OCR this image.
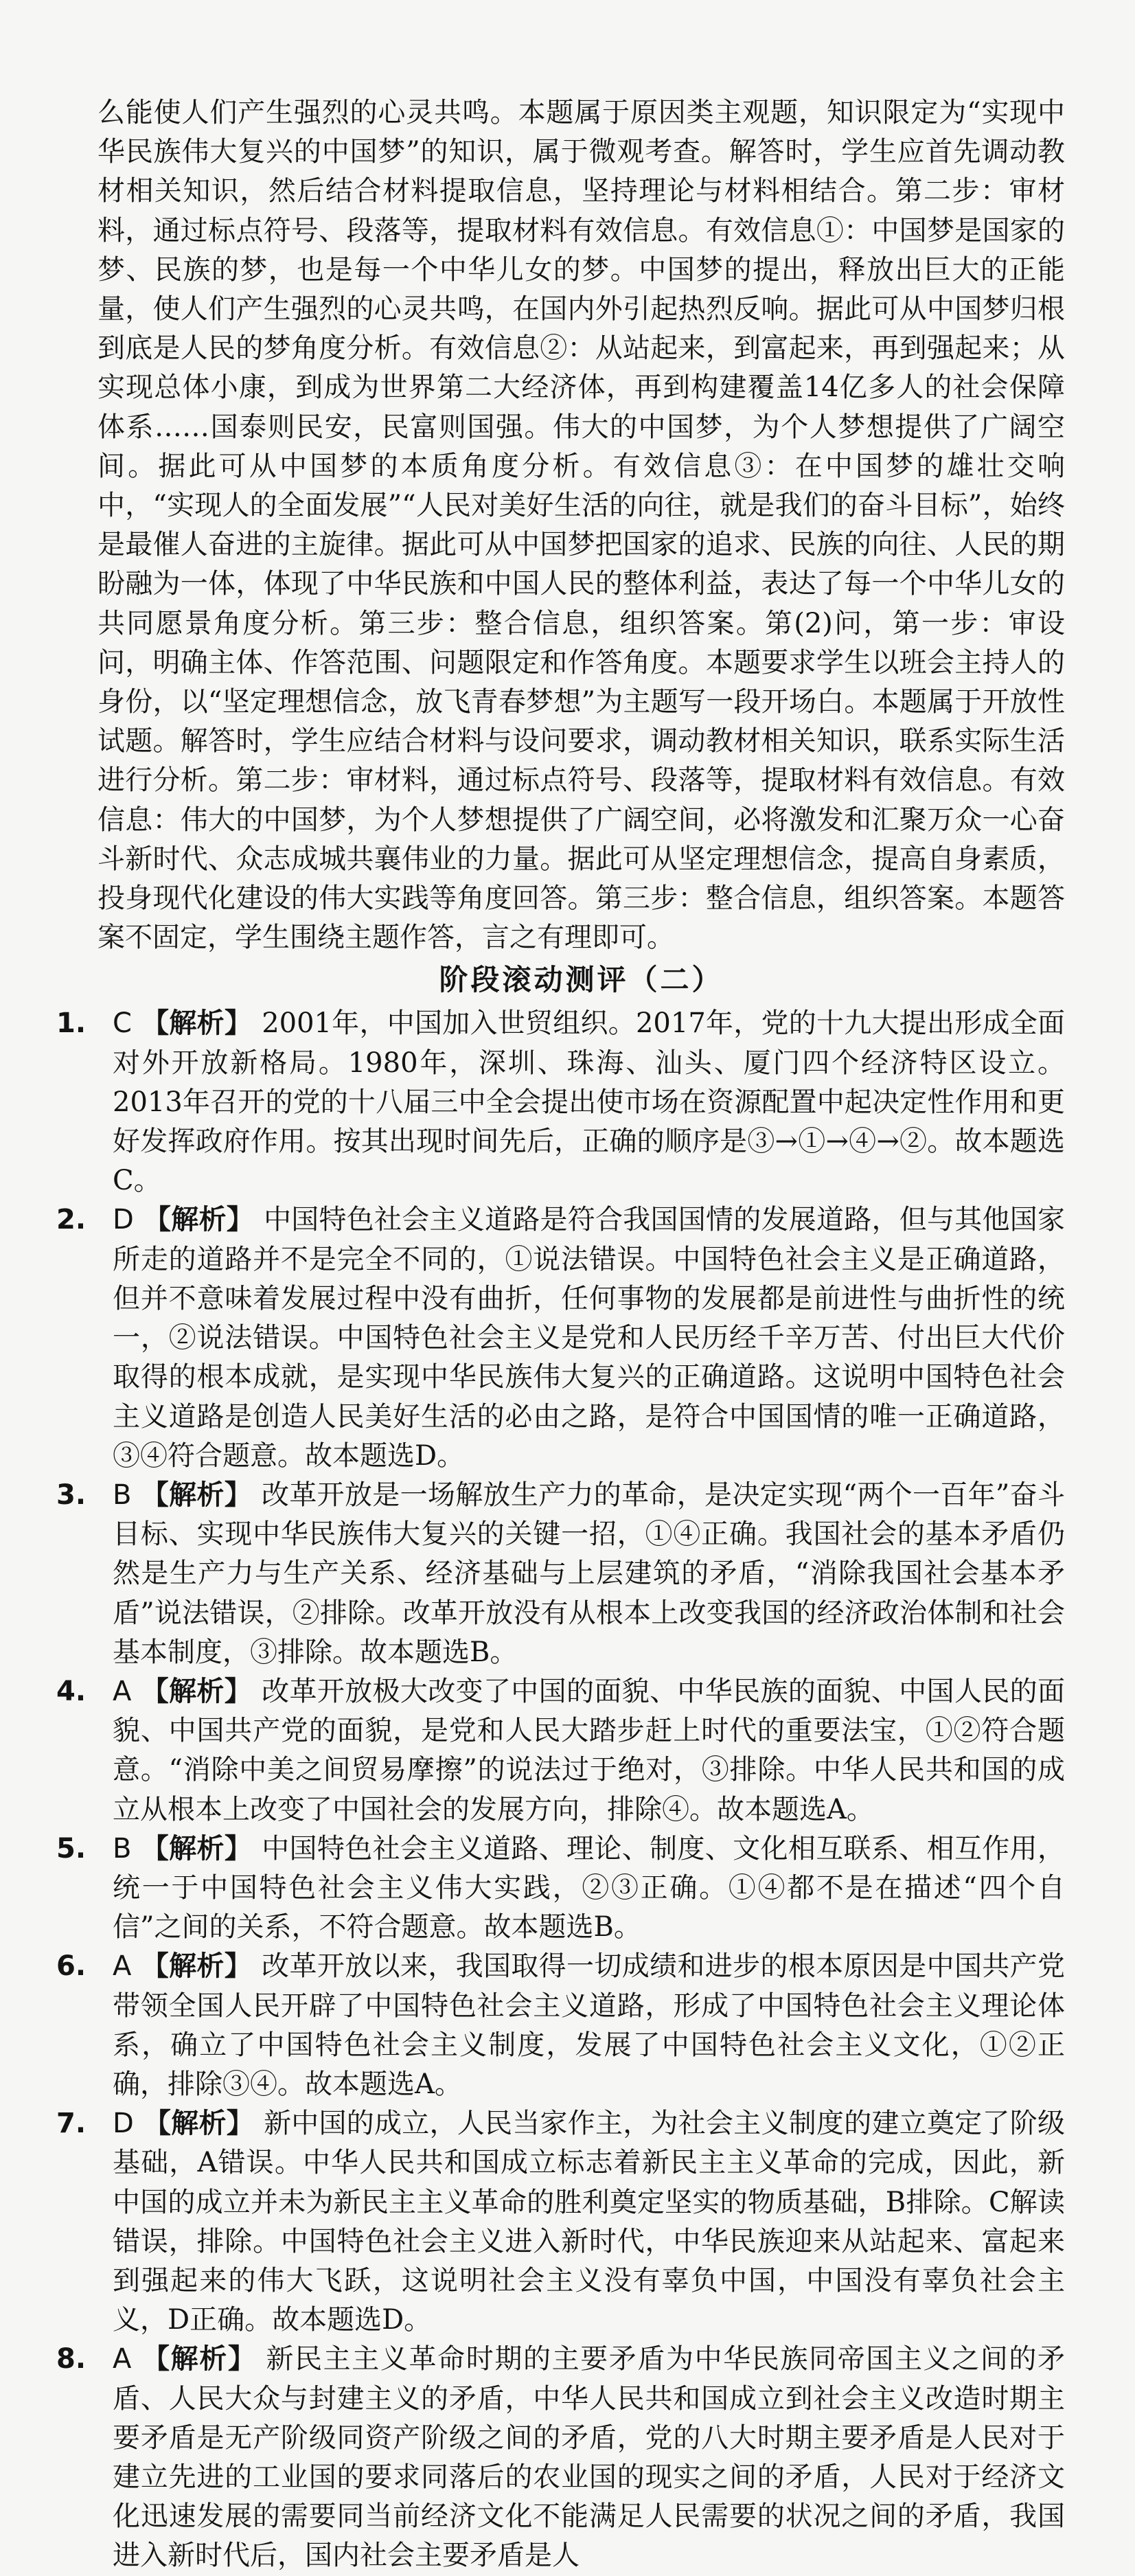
么能使人们产生强烈的心灵共鸣。本题属于原因类主观题，知识限定为“实现中华民族伟大复兴的中国梦”的知识，属于微观考查。解答时，学生应首先调动教材相关知识，然后结合材料提取信息，坚持理论与材料相结合。第二步：审材料，通过标点符号、段落等，提取材料有效信息。有效信息①：中国梦是国家的梦、民族的梦，也是每一个中华儿女的梦。中国梦的提出，释放出巨大的正能量，使人们产生强烈的心灵共鸣，在国内外引起热烈反响。据此可从中国梦归根到底是人民的梦角度分析。有效信息②：从站起来，到富起来，再到强起来；从实现总体小康，到成为世界第二大经济体，再到构建覆盖14亿多人的社会保障体系……国泰则民安，民富则国强。伟大的中国梦，为个人梦想提供了广阔空间。据此可从中国梦的本质角度分析。有效信息③：在中国梦的雄壮交响中，“实现人的全面发展”“人民对美好生活的向往，就是我们的奋斗目标”，始终是最催人奋进的主旋律。据此可从中国梦把国家的追求、民族的向往、人民的期盼融为一体，体现了中华民族和中国人民的整体利益，表达了每一个中华儿女的共同愿景角度分析。第三步：整合信息，组织答案。第(2)问，第一步：审设问，明确主体、作答范围、问题限定和作答角度。本题要求学生以班会主持人的身份，以“坚定理想信念，放飞青春梦想”为主题写一段开场白。本题属于开放性试题。解答时，学生应结合材料与设问要求，调动教材相关知识，联系实际生活进行分析。第二步：审材料，通过标点符号、段落等，提取材料有效信息。有效信息：伟大的中国梦，为个人梦想提供了广阔空间，必将激发和汇聚万众一心奋斗新时代、众志成城共襄伟业的力量。据此可从坚定理想信念，提高自身素质，投身现代化建设的伟大实践等角度回答。第三步：整合信息，组织答案。本题答案不固定，学生围绕主题作答，言之有理即可。

阶段滚动测评（二）

1. C 【解析】 2001年，中国加入世贸组织。2017年，党的十九大提出形成全面对外开放新格局。1980年，深圳、珠海、汕头、厦门四个经济特区设立。2013年召开的党的十八届三中全会提出使市场在资源配置中起决定性作用和更好发挥政府作用。按其出现时间先后，正确的顺序是③→①→④→②。故本题选C。

2. D 【解析】 中国特色社会主义道路是符合我国国情的发展道路，但与其他国家所走的道路并不是完全不同的，①说法错误。中国特色社会主义是正确道路，但并不意味着发展过程中没有曲折，任何事物的发展都是前进性与曲折性的统一，②说法错误。中国特色社会主义是党和人民历经千辛万苦、付出巨大代价取得的根本成就，是实现中华民族伟大复兴的正确道路。这说明中国特色社会主义道路是创造人民美好生活的必由之路，是符合中国国情的唯一正确道路，③④符合题意。故本题选D。

3. B 【解析】 改革开放是一场解放生产力的革命，是决定实现“两个一百年”奋斗目标、实现中华民族伟大复兴的关键一招，①④正确。我国社会的基本矛盾仍然是生产力与生产关系、经济基础与上层建筑的矛盾，“消除我国社会基本矛盾”说法错误，②排除。改革开放没有从根本上改变我国的经济政治体制和社会基本制度，③排除。故本题选B。

4. A 【解析】 改革开放极大改变了中国的面貌、中华民族的面貌、中国人民的面貌、中国共产党的面貌，是党和人民大踏步赶上时代的重要法宝，①②符合题意。“消除中美之间贸易摩擦”的说法过于绝对，③排除。中华人民共和国的成立从根本上改变了中国社会的发展方向，排除④。故本题选A。

5. B 【解析】 中国特色社会主义道路、理论、制度、文化相互联系、相互作用，统一于中国特色社会主义伟大实践，②③正确。①④都不是在描述“四个自信”之间的关系，不符合题意。故本题选B。

6. A 【解析】 改革开放以来，我国取得一切成绩和进步的根本原因是中国共产党带领全国人民开辟了中国特色社会主义道路，形成了中国特色社会主义理论体系，确立了中国特色社会主义制度，发展了中国特色社会主义文化，①②正确，排除③④。故本题选A。

7. D 【解析】 新中国的成立，人民当家作主，为社会主义制度的建立奠定了阶级基础，A错误。中华人民共和国成立标志着新民主主义革命的完成，因此，新中国的成立并未为新民主主义革命的胜利奠定坚实的物质基础，B排除。C解读错误，排除。中国特色社会主义进入新时代，中华民族迎来从站起来、富起来到强起来的伟大飞跃，这说明社会主义没有辜负中国，中国没有辜负社会主义，D正确。故本题选D。

8. A 【解析】 新民主主义革命时期的主要矛盾为中华民族同帝国主义之间的矛盾、人民大众与封建主义的矛盾，中华人民共和国成立到社会主义改造时期主要矛盾是无产阶级同资产阶级之间的矛盾，党的八大时期主要矛盾是人民对于建立先进的工业国的要求同落后的农业国的现实之间的矛盾，人民对于经济文化迅速发展的需要同当前经济文化不能满足人民需要的状况之间的矛盾，我国进入新时代后，国内社会主要矛盾是人
